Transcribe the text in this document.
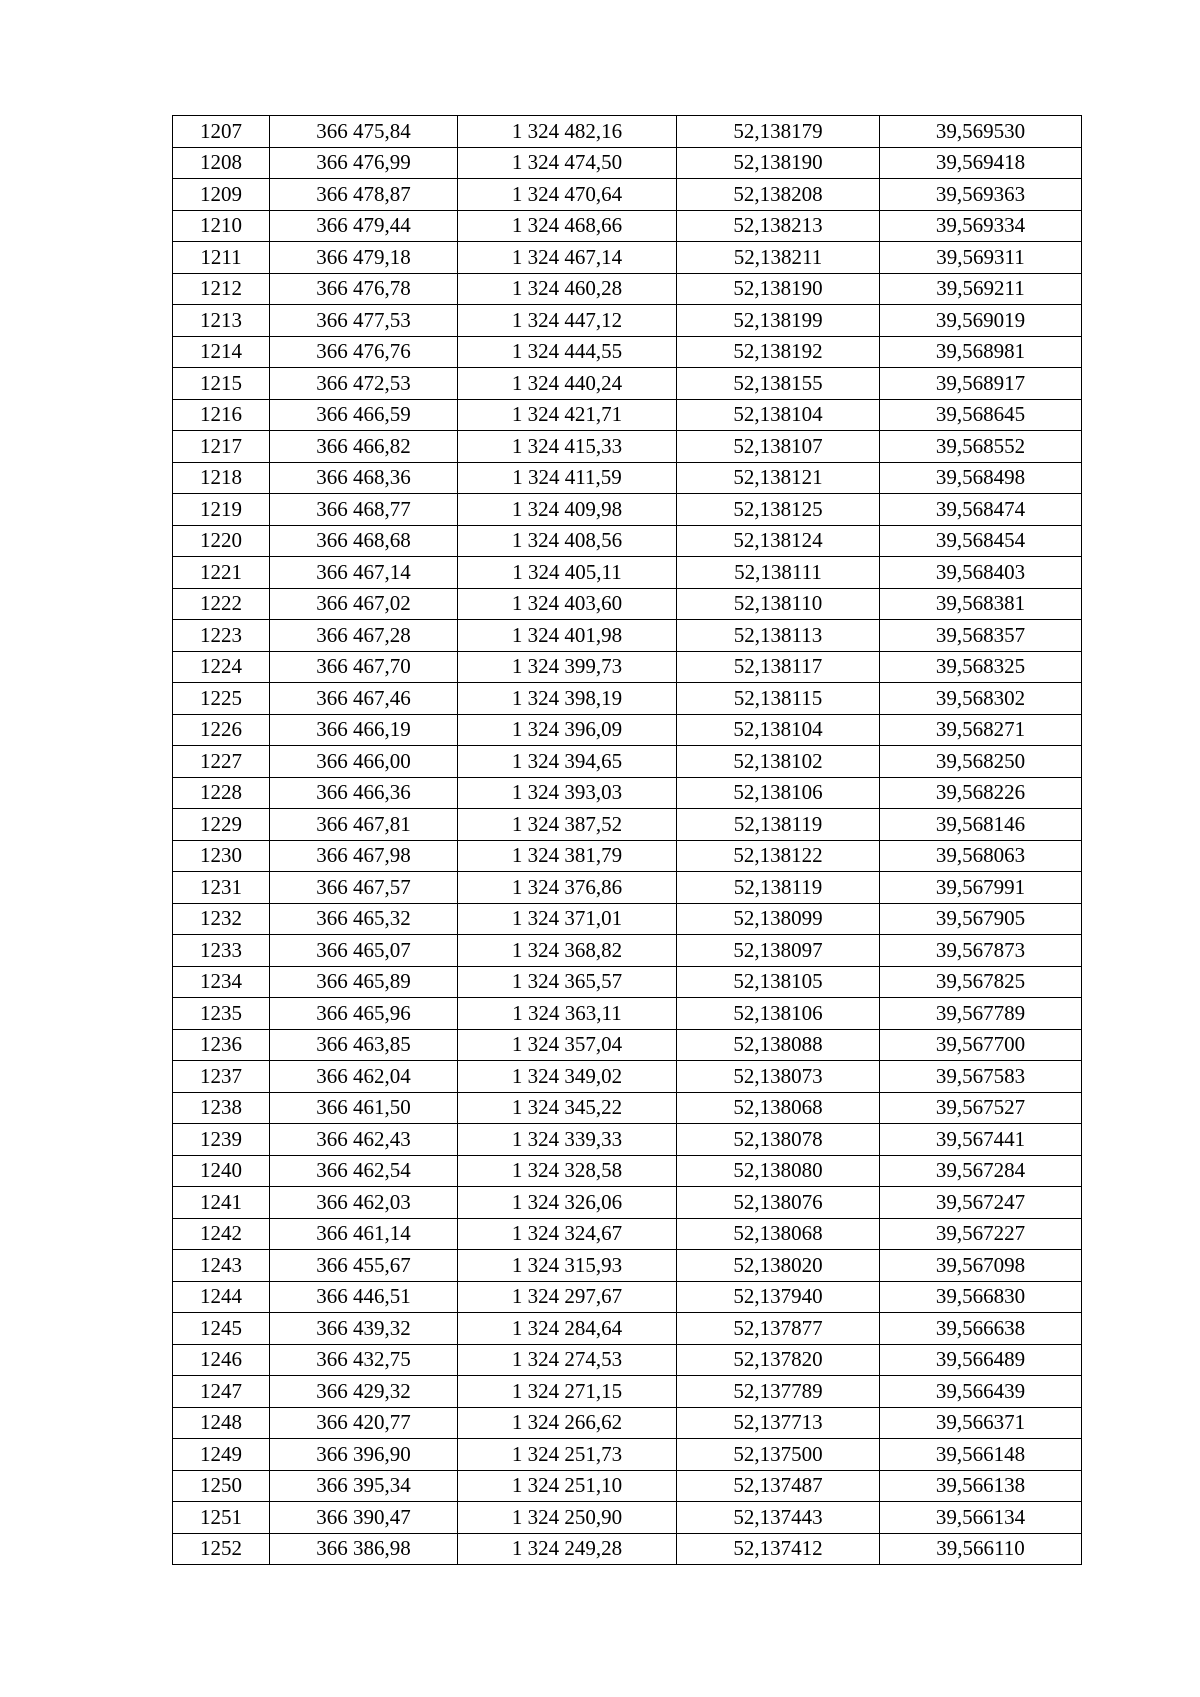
1207	366 475,84	1 324 482,16	52,138179	39,569530
1208	366 476,99	1 324 474,50	52,138190	39,569418
1209	366 478,87	1 324 470,64	52,138208	39,569363
1210	366 479,44	1 324 468,66	52,138213	39,569334
1211	366 479,18	1 324 467,14	52,138211	39,569311
1212	366 476,78	1 324 460,28	52,138190	39,569211
1213	366 477,53	1 324 447,12	52,138199	39,569019
1214	366 476,76	1 324 444,55	52,138192	39,568981
1215	366 472,53	1 324 440,24	52,138155	39,568917
1216	366 466,59	1 324 421,71	52,138104	39,568645
1217	366 466,82	1 324 415,33	52,138107	39,568552
1218	366 468,36	1 324 411,59	52,138121	39,568498
1219	366 468,77	1 324 409,98	52,138125	39,568474
1220	366 468,68	1 324 408,56	52,138124	39,568454
1221	366 467,14	1 324 405,11	52,138111	39,568403
1222	366 467,02	1 324 403,60	52,138110	39,568381
1223	366 467,28	1 324 401,98	52,138113	39,568357
1224	366 467,70	1 324 399,73	52,138117	39,568325
1225	366 467,46	1 324 398,19	52,138115	39,568302
1226	366 466,19	1 324 396,09	52,138104	39,568271
1227	366 466,00	1 324 394,65	52,138102	39,568250
1228	366 466,36	1 324 393,03	52,138106	39,568226
1229	366 467,81	1 324 387,52	52,138119	39,568146
1230	366 467,98	1 324 381,79	52,138122	39,568063
1231	366 467,57	1 324 376,86	52,138119	39,567991
1232	366 465,32	1 324 371,01	52,138099	39,567905
1233	366 465,07	1 324 368,82	52,138097	39,567873
1234	366 465,89	1 324 365,57	52,138105	39,567825
1235	366 465,96	1 324 363,11	52,138106	39,567789
1236	366 463,85	1 324 357,04	52,138088	39,567700
1237	366 462,04	1 324 349,02	52,138073	39,567583
1238	366 461,50	1 324 345,22	52,138068	39,567527
1239	366 462,43	1 324 339,33	52,138078	39,567441
1240	366 462,54	1 324 328,58	52,138080	39,567284
1241	366 462,03	1 324 326,06	52,138076	39,567247
1242	366 461,14	1 324 324,67	52,138068	39,567227
1243	366 455,67	1 324 315,93	52,138020	39,567098
1244	366 446,51	1 324 297,67	52,137940	39,566830
1245	366 439,32	1 324 284,64	52,137877	39,566638
1246	366 432,75	1 324 274,53	52,137820	39,566489
1247	366 429,32	1 324 271,15	52,137789	39,566439
1248	366 420,77	1 324 266,62	52,137713	39,566371
1249	366 396,90	1 324 251,73	52,137500	39,566148
1250	366 395,34	1 324 251,10	52,137487	39,566138
1251	366 390,47	1 324 250,90	52,137443	39,566134
1252	366 386,98	1 324 249,28	52,137412	39,566110
